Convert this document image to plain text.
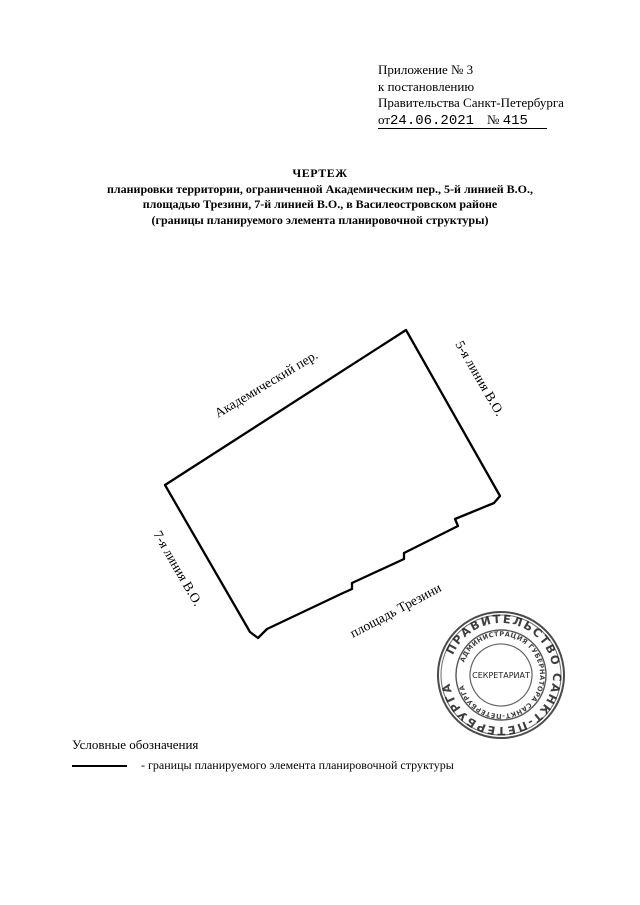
Приложение № 3
к постановлению
Правительства Санкт-Петербурга
от24.06.2021 № 415
ЧЕРТЕЖ
планировки территории, ограниченной Академическим пер., 5-й линией В.О.,
площадью Трезини, 7-й линией В.О., в Василеостровском районе
(границы планируемого элемента планировочной структуры)
Академический пер.	5-я линия В.О.
площадь Трезини
7-я линия В.О.
ПРАВИТЕЛЬСТВО САНКТ-ПЕТЕРБУРГА
АДМИНИСТРАЦИЯ ГУБЕРНАТОРА САНКТ-ПЕТЕРБУРГА
СЕКРЕТАРИАТ
Условные обозначения
- границы планируемого элемента планировочной структуры
